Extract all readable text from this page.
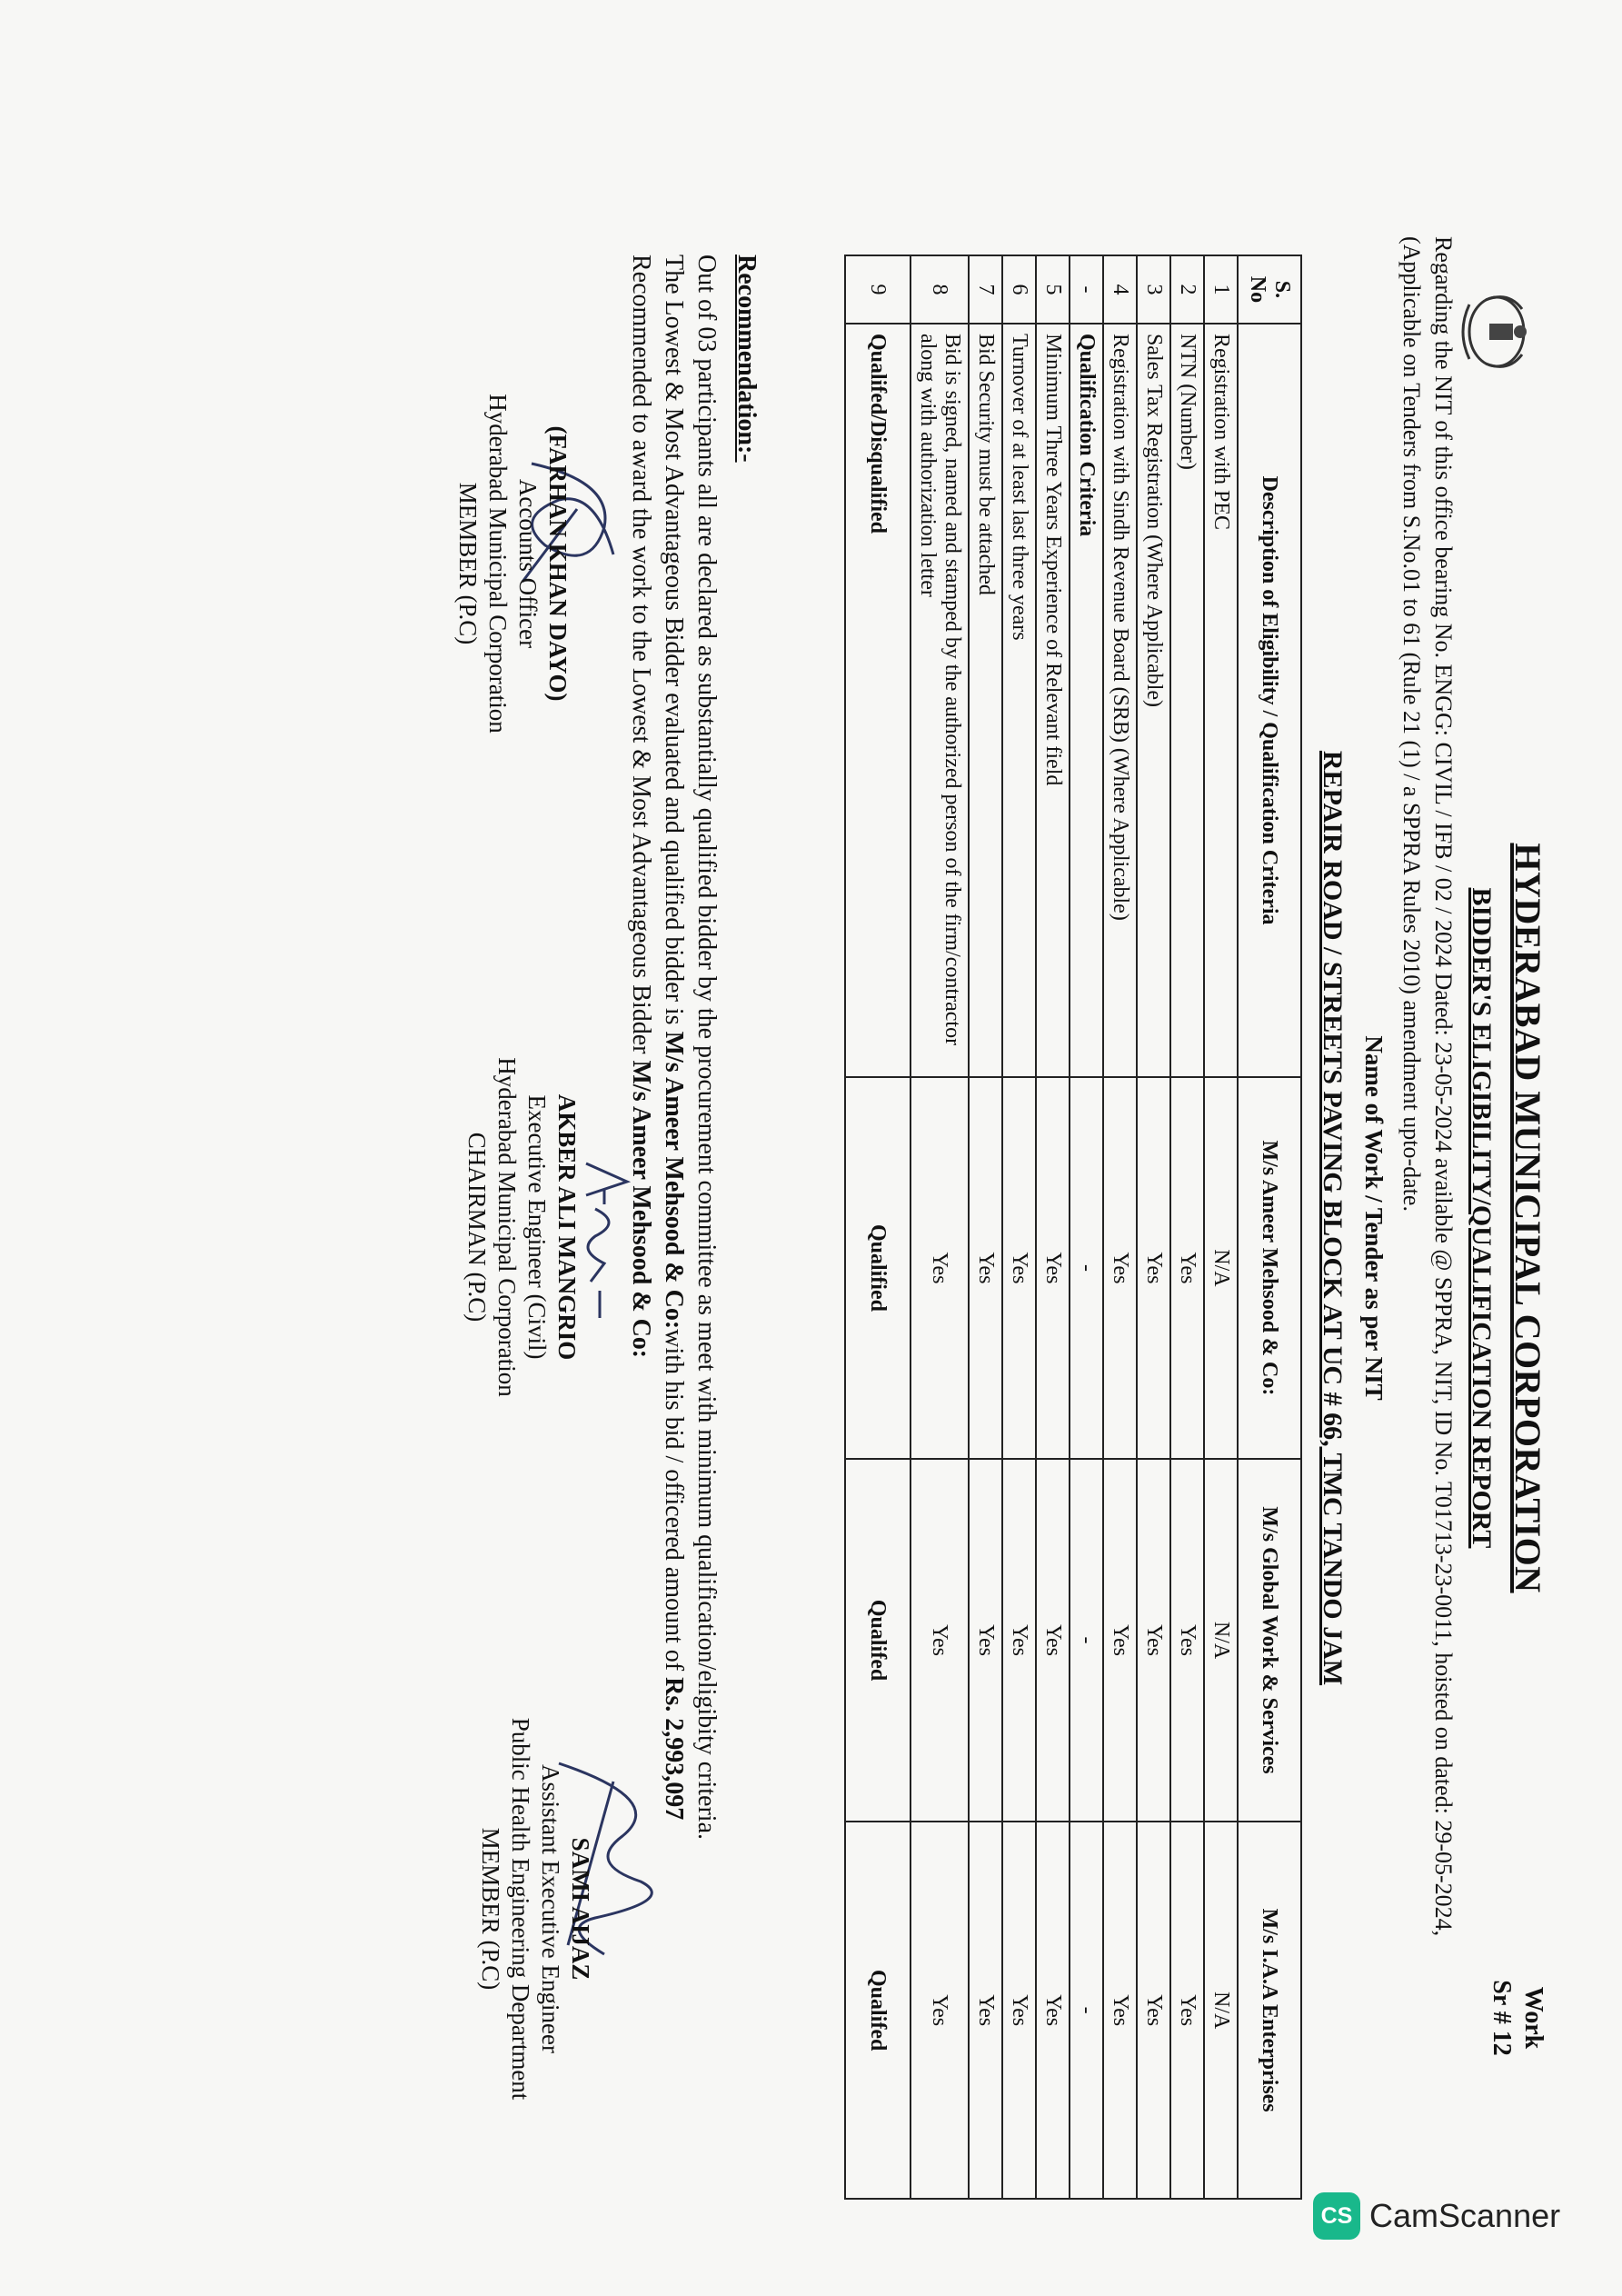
HYDERABAD MUNICIPAL CORPORATION
Work
Sr # 12
BIDDER'S ELIGIBILITY/QUALIFICATION REPORT
Regarding the NIT of this office bearing No. ENGG: CIVIL / IFB / 02 / 2024 Dated: 23-05-2024 available @ SPPRA, NIT, ID No. T01713-23-0011, hoisted on dated: 29-05-2024, (Applicable on Tenders from S.No.01 to 61 (Rule 21 (1) / a SPPRA Rules 2010) amendment upto-date.
Name of Work / Tender as per NIT
REPAIR ROAD / STREETS PAVING BLOCK AT UC # 66, TMC TANDO JAM
S. No	Description of Eligibility / Qualification Criteria	M/s Ameer Mehsood & Co:	M/s Global Work & Services	M/s I.A.A Enterprises
1	Registration with PEC	N/A	N/A	N/A
2	NTN (Number)	Yes	Yes	Yes
3	Sales Tax Registration (Where Applicable)	Yes	Yes	Yes
4	Registration with Sindh Revenue Board (SRB) (Where Applicable)	Yes	Yes	Yes
-	Qualification Criteria	-	-	-
5	Minimum Three Years Experience of Relevant field	Yes	Yes	Yes
6	Turnover of at least last three years	Yes	Yes	Yes
7	Bid Security must be attached	Yes	Yes	Yes
8	Bid is signed, named and stamped by the authorized person of the firm/contractor along with authorization letter	Yes	Yes	Yes
9	Qualifed/Disqualified	Qualified	Qualifed	Qualifed
Recommendation:-
Out of 03 participants all are declared as substantially qualified bidder by the procurement committee as meet with minimum qualification/eligibity criteria.
The Lowest & Most Advantageous Bidder evaluated and qualified bidder is M/s Ameer Mehsood & Co:with his bid / officered amount of Rs. 2,993,097
Recommended to award the work to the Lowest & Most Advantageous Bidder M/s Ameer Mehsood & Co:
(FARHAN KHAN DAYO)
Accounts Officer
Hyderabad Municipal Corporation
MEMBER (P.C)
AKBER ALI MANGRIO
Executive Engineer (Civil)
Hyderabad Municipal Corporation
CHAIRMAN (P.C)
SAMI AIJAZ
Assistant Executive Engineer
Public Health Engineering Department
MEMBER (P.C)
CS CamScanner
